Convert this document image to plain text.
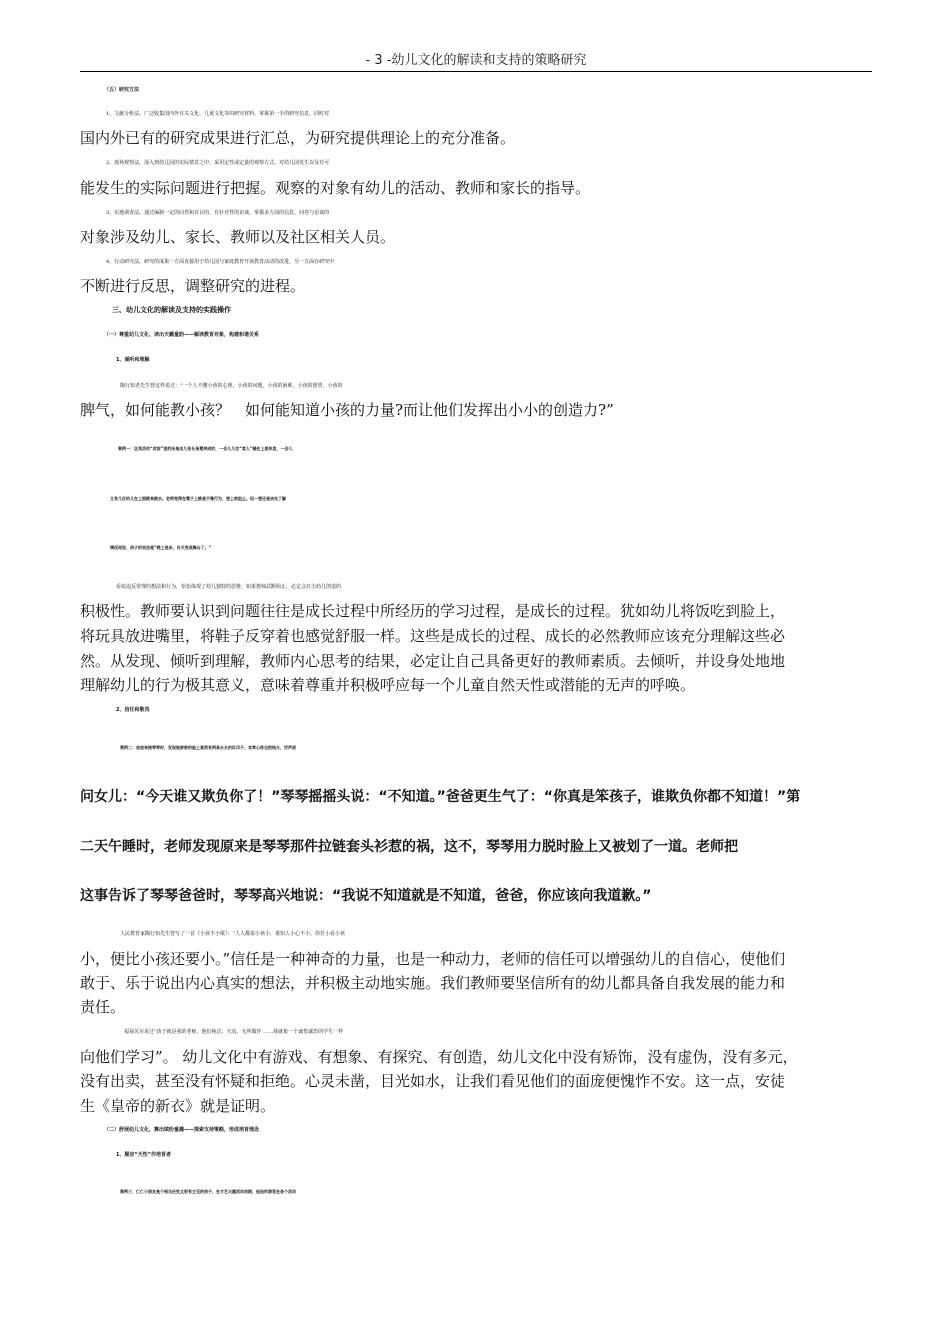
- 3 -幼儿文化的解读和支持的策略研究
（五）研究方法
1、文献分析法。广泛收集国内外有关文化、儿童文化等的研究材料，掌握第一手的研究信息，同时对
国内外已有的研究成果进行汇总，为研究提供理论上的充分准备。
2、现场观察法。深入到幼儿园的实际情景之中，采用定性或定量的观察方式，对幼儿园发生以及有可
能发生的实际问题进行把握。观察的对象有幼儿的活动、教师和家长的指导。
3、实地调查法。通过编制一定的问卷和有目的、有针对性的访谈，掌握多方面的信息，问卷与访谈的
对象涉及幼儿、家长、教师以及社区相关人员。
4、行动研究法。研究的成果一方面直接用于幼儿园与家庭教育开展教育活动的改进，另一方面在研究中
不断进行反思，调整研究的进程。
三、幼儿文化的解读及支持的实践操作
（一）尊重幼儿文化、读出天籁童韵——解读教育对象，构建和谐关系
1、倾听和理解
陶行知老先生曾这样说过：“一个人不懂小孩的心理，小孩的问题，小孩的困难，小孩的愿望，小孩的
脾气，如何能教小孩？　如何能知道小孩的力量?而让他们发挥出小小的创造力?”
案例一：区角活动“宾馆”里的床是由几张长条凳拼成的，一会儿几位“客人”躺在上面休息，一会儿
又有几位幼儿在上面跳来跳去。老师觉得在凳子上跳是不雅行为，想上前阻止。但一想还是该先了解
情况再说，孩子的说法是“晚上是床，白天变成舞台了。”
看似违反常理的想法和行为，恰恰体现了幼儿独特的思维，如果教师武断阻止，必定会打击幼儿创造的
积极性。教师要认识到问题往往是成长过程中所经历的学习过程，是成长的过程。犹如幼儿将饭吃到脸上，
将玩具放进嘴里，将鞋子反穿着也感觉舒服一样。这些是成长的过程、成长的必然教师应该充分理解这些必
然。从发现、倾听到理解，教师内心思考的结果，必定让自己具备更好的教师素质。去倾听，并设身处地地
理解幼儿的行为极其意义，意味着尊重并积极呼应每一个儿童自然天性或潜能的无声的呼唤。
2、信任和敬畏
案例二：爸爸来接琴琴时，发现她胖胖的脸上竟然有两条长长的红印子，非常心疼也很恼火，厉声质
问女儿：“今天谁又欺负你了！”琴琴摇摇头说：“不知道。”爸爸更生气了：“你真是笨孩子，谁欺负你都不知道！”第
二天午睡时，老师发现原来是琴琴那件拉链套头衫惹的祸，这不，琴琴用力脱时脸上又被划了一道。老师把
这事告诉了琴琴爸爸时，琴琴高兴地说：“我说不知道就是不知道，爸爸，你应该向我道歉。”
人民教育家陶行知先生曾写了一首《小孩不小歌》：“人人都说小孩小，谁知人小心不小。你若小看小孩
小，便比小孩还要小。”信任是一种神奇的力量，也是一种动力，老师的信任可以增强幼儿的自信心，使他们
敢于、乐于说出内心真实的想法，并积极主动地实施。我们教师要坚信所有的幼儿都具备自我发展的能力和
责任。
福禄贝尔说过“孩子就是我的老师，他们纯洁、天真、无所做作 ……我就象一个诚惶诚恐的学生一样
向他们学习”。 幼儿文化中有游戏、有想象、有探究、有创造，幼儿文化中没有矫饰，没有虚伪，没有多元，
没有出卖，甚至没有怀疑和拒绝。心灵未凿，目光如水，让我们看见他们的面庞便愧怍不安。这一点，安徒
生《皇帝的新衣》就是证明。
（二）舒展幼儿文化，舞出缤纷童趣——探索支持策略，形成培育理念
1、顺应“天性”作培育者
案例三：仁仁小朋友是个相当任性又很有主见的孩子，在才艺兴趣活动初期，他始终游晃在各个活动
